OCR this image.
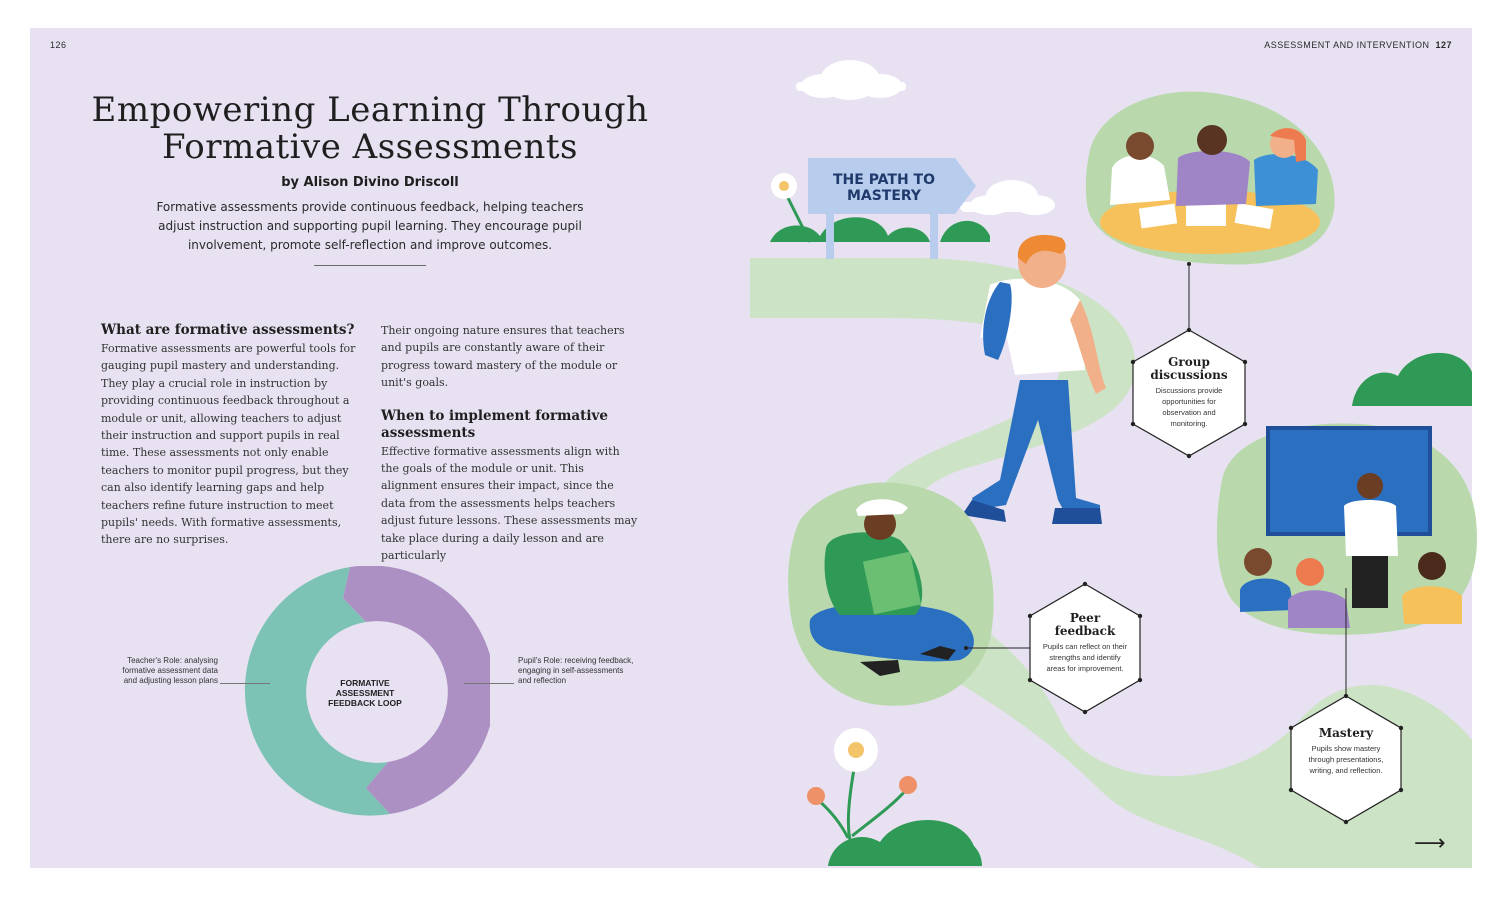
126	ASSESSMENT AND INTERVENTION 127
Empowering Learning Through
Formative Assessments
by Alison Divino Driscoll
Formative assessments provide continuous feedback, helping teachers adjust instruction and supporting pupil learning. They encourage pupil involvement, promote self-reflection and improve outcomes.
What are formative assessments?
Formative assessments are powerful tools for gauging pupil mastery and understanding. They play a crucial role in instruction by providing continuous feedback throughout a module or unit, allowing teachers to adjust their instruction and support pupils in real time. These assessments not only enable teachers to monitor pupil progress, but they can also identify learning gaps and help teachers refine future instruction to meet pupils' needs. With formative assessments, there are no surprises.
Their ongoing nature ensures that teachers and pupils are constantly aware of their progress toward mastery of the module or unit's goals.
When to implement formative assessments
Effective formative assessments align with the goals of the module or unit. This alignment ensures their impact, since the data from the assessments helps teachers adjust future lessons. These assessments may take place during a daily lesson and are particularly
FORMATIVE ASSESSMENT FEEDBACK LOOP
Teacher's Role: analysing formative assessment data and adjusting lesson plans
Pupil's Role: receiving feedback, engaging in self-assessments and reflection
THE PATH TO MASTERY
Group discussions
Discussions provide opportunities for observation and monitoring.
Peer feedback
Pupils can reflect on their strengths and identify areas for improvement.
Mastery
Pupils show mastery through presentations, writing, and reflection.
⟶
